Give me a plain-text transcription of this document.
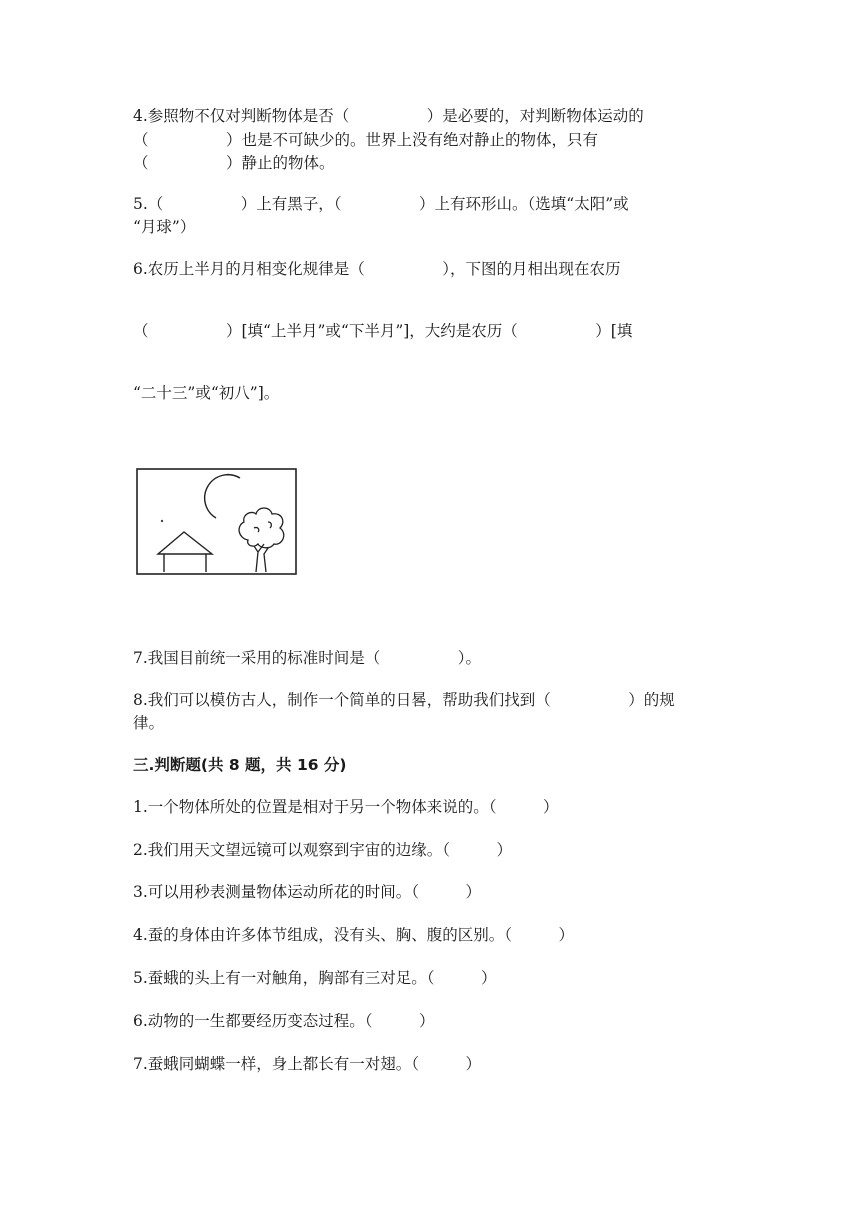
4.参照物不仅对判断物体是否（　　　　　）是必要的，对判断物体运动的
（　　　　　）也是不可缺少的。世界上没有绝对静止的物体，只有
（　　　　　）静止的物体。
5.（　　　　　）上有黑子，（　　　　　）上有环形山。（选填“太阳”或
“月球”）
6.农历上半月的月相变化规律是（　　　　　），下图的月相出现在农历
（　　　　　）[填“上半月”或“下半月”]，大约是农历（　　　　　）[填
“二十三”或“初八”]。
7.我国目前统一采用的标准时间是（　　　　　）。
8.我们可以模仿古人，制作一个简单的日晷，帮助我们找到（　　　　　）的规
律。
三.判断题(共 8 题，共 16 分)
1.一个物体所处的位置是相对于另一个物体来说的。（　　　）
2.我们用天文望远镜可以观察到宇宙的边缘。（　　　）
3.可以用秒表测量物体运动所花的时间。（　　　）
4.蚕的身体由许多体节组成，没有头、胸、腹的区别。（　　　）
5.蚕蛾的头上有一对触角，胸部有三对足。（　　　）
6.动物的一生都要经历变态过程。（　　　）
7.蚕蛾同蝴蝶一样，身上都长有一对翅。（　　　）
